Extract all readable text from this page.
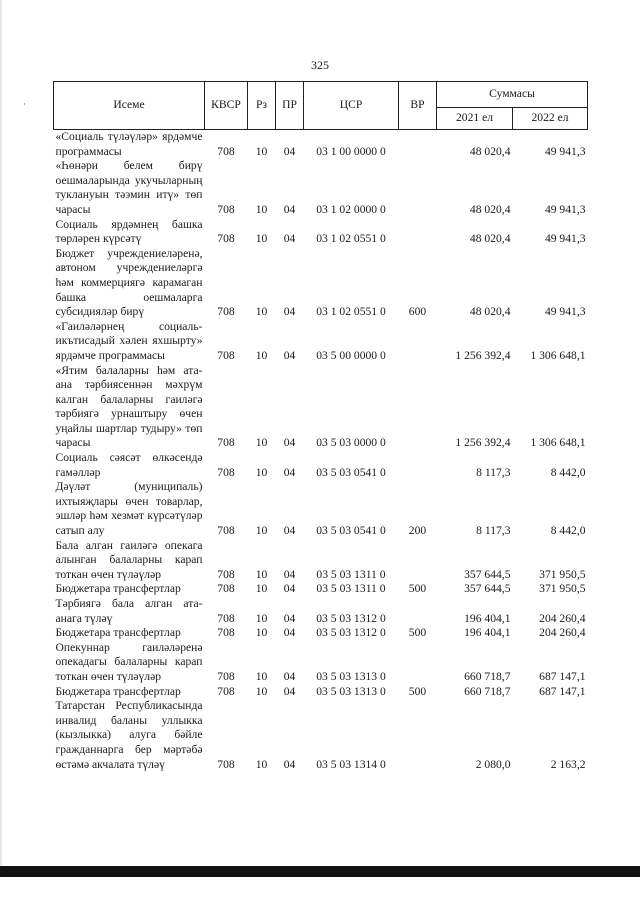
325
·	Исеме	КВСР	Рз	ПР	ЦСР	ВР	Суммасы	
						2021 ел	2022 ел
«Социаль түләүләр» ярдәмче программасы	708	10	04	03 1 00 0000 0		48 020,4	49 941,3
«Һөнәри белем бирү оешмаларында укучыларның туклануын тәэмин итү» төп чарасы	708	10	04	03 1 02 0000 0		48 020,4	49 941,3
Социаль ярдәмнең башка төрләрен күрсәтү	708	10	04	03 1 02 0551 0		48 020,4	49 941,3
Бюджет учреждениеләренә, автоном учреждениеләргә һәм коммерциягә карамаган башка оешмаларга субсидияләр бирү	708	10	04	03 1 02 0551 0	600	48 020,4	49 941,3
«Гаиләләрнең социаль-икътисадый хәлен яхшырту» ярдәмче программасы	708	10	04	03 5 00 0000 0		1 256 392,4	1 306 648,1
«Ятим балаларны һәм ата-ана тәрбиясеннән мәхрүм калган балаларны гаиләгә тәрбиягә урнаштыру өчен уңайлы шартлар тудыру» төп чарасы	708	10	04	03 5 03 0000 0		1 256 392,4	1 306 648,1
Социаль сәясәт өлкәсендә гамәлләр	708	10	04	03 5 03 0541 0		8 117,3	8 442,0
Дәүләт (муниципаль) ихтыяҗлары өчен товарлар, эшләр һәм хезмәт күрсәтүләр сатып алу	708	10	04	03 5 03 0541 0	200	8 117,3	8 442,0
Бала алган гаиләгә опекага алынган балаларны карап тоткан өчен түләүләр	708	10	04	03 5 03 1311 0		357 644,5	371 950,5
Бюджетара трансфертлар	708	10	04	03 5 03 1311 0	500	357 644,5	371 950,5
Тәрбиягә бала алган ата-анага түләү	708	10	04	03 5 03 1312 0		196 404,1	204 260,4
Бюджетара трансфертлар	708	10	04	03 5 03 1312 0	500	196 404,1	204 260,4
Опекуннар гаиләләренә опекадагы балаларны карап тоткан өчен түләүләр	708	10	04	03 5 03 1313 0		660 718,7	687 147,1
Бюджетара трансфертлар	708	10	04	03 5 03 1313 0	500	660 718,7	687 147,1
Татарстан Республикасында инвалид баланы уллыкка (кызлыкка) алуга бәйле гражданнарга бер мәртәбә өстәмә акчалата түләү	708	10	04	03 5 03 1314 0		2 080,0	2 163,2
